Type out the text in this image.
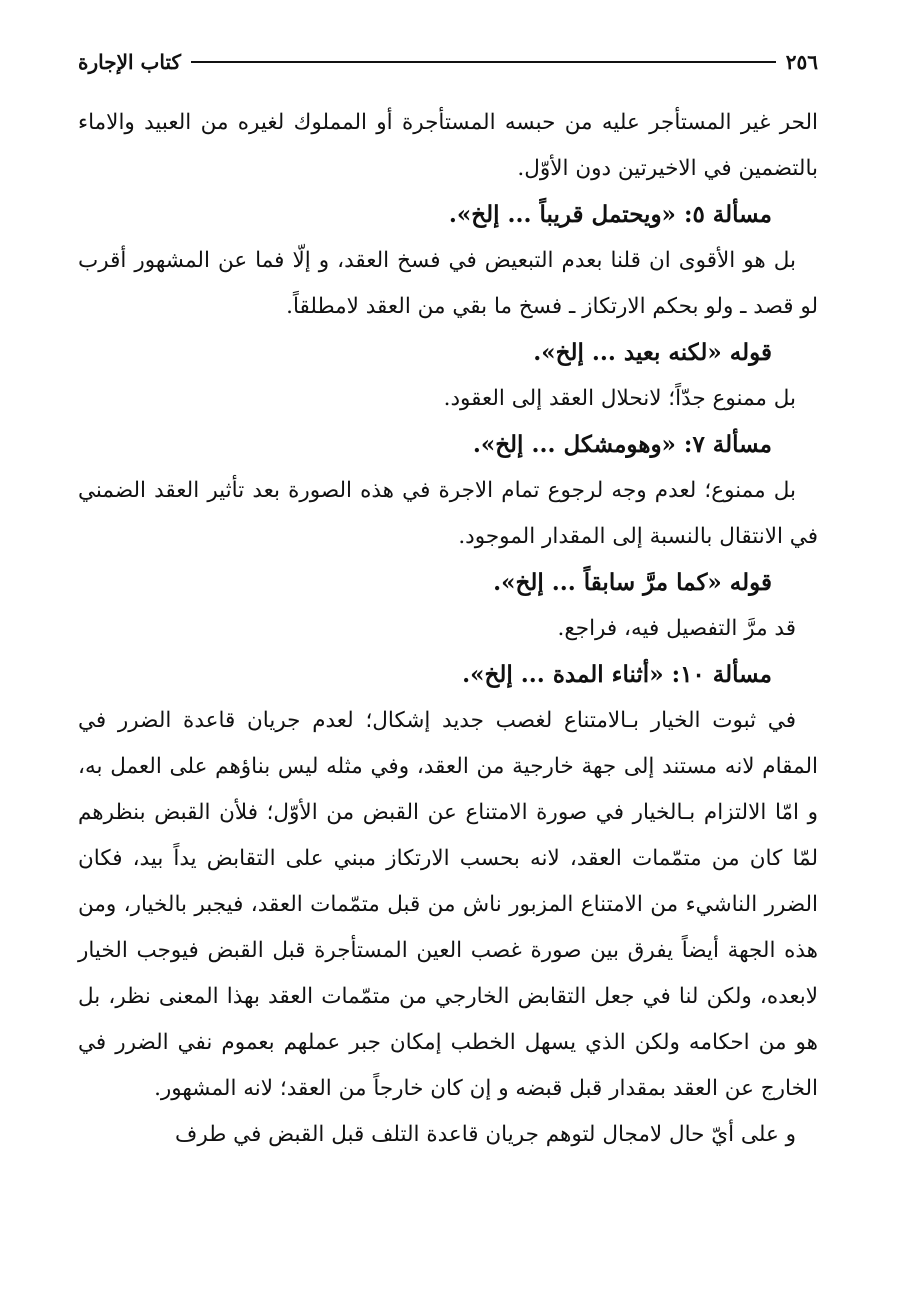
٢٥٦
كتاب الإجارة

الحر غير المستأجر عليه من حبسه المستأجرة أو المملوك لغيره من العبيد والاماء بالتضمين في الاخيرتين دون الأوّل.

مسألة ٥: «ويحتمل قريباً ... إلخ».

بل هو الأقوى ان قلنا بعدم التبعيض في فسخ العقد، و إلّا فما عن المشهور أقرب لو قصد ـ ولو بحكم الارتكاز ـ فسخ ما بقي من العقد لامطلقاً.

قوله «لكنه بعيد ... إلخ».

بل ممنوع جدّاً؛ لانحلال العقد إلى العقود.

مسألة ٧: «وهومشكل ... إلخ».

بل ممنوع؛ لعدم وجه لرجوع تمام الاجرة في هذه الصورة بعد تأثير العقد الضمني في الانتقال بالنسبة إلى المقدار الموجود.

قوله «كما مرَّ سابقاً ... إلخ».

قد مرَّ التفصيل فيه، فراجع.

مسألة ١٠: «أثناء المدة ... إلخ».

في ثبوت الخيار بـالامتناع لغصب جديد إشكال؛ لعدم جريان قاعدة الضرر في المقام لانه مستند إلى جهة خارجية من العقد، وفي مثله ليس بناؤهم على العمل به، و امّا الالتزام بـالخيار في صورة الامتناع عن القبض من الأوّل؛ فلأن القبض بنظرهم لمّا كان من متمّمات العقد، لانه بحسب الارتكاز مبني على التقابض يداً بيد، فكان الضرر الناشيء من الامتناع المزبور ناش من قبل متمّمات العقد، فيجبر بالخيار، ومن هذه الجهة أيضاً يفرق بين صورة غصب العين المستأجرة قبل القبض فيوجب الخيار لابعده، ولكن لنا في جعل التقابض الخارجي من متمّمات العقد بهذا المعنى نظر، بل هو من احكامه ولكن الذي يسهل الخطب إمكان جبر عملهم بعموم نفي الضرر في الخارج عن العقد بمقدار قبل قبضه و إن كان خارجاً من العقد؛ لانه المشهور.

و على أيّ حال لامجال لتوهم جريان قاعدة التلف قبل القبض في طرف
